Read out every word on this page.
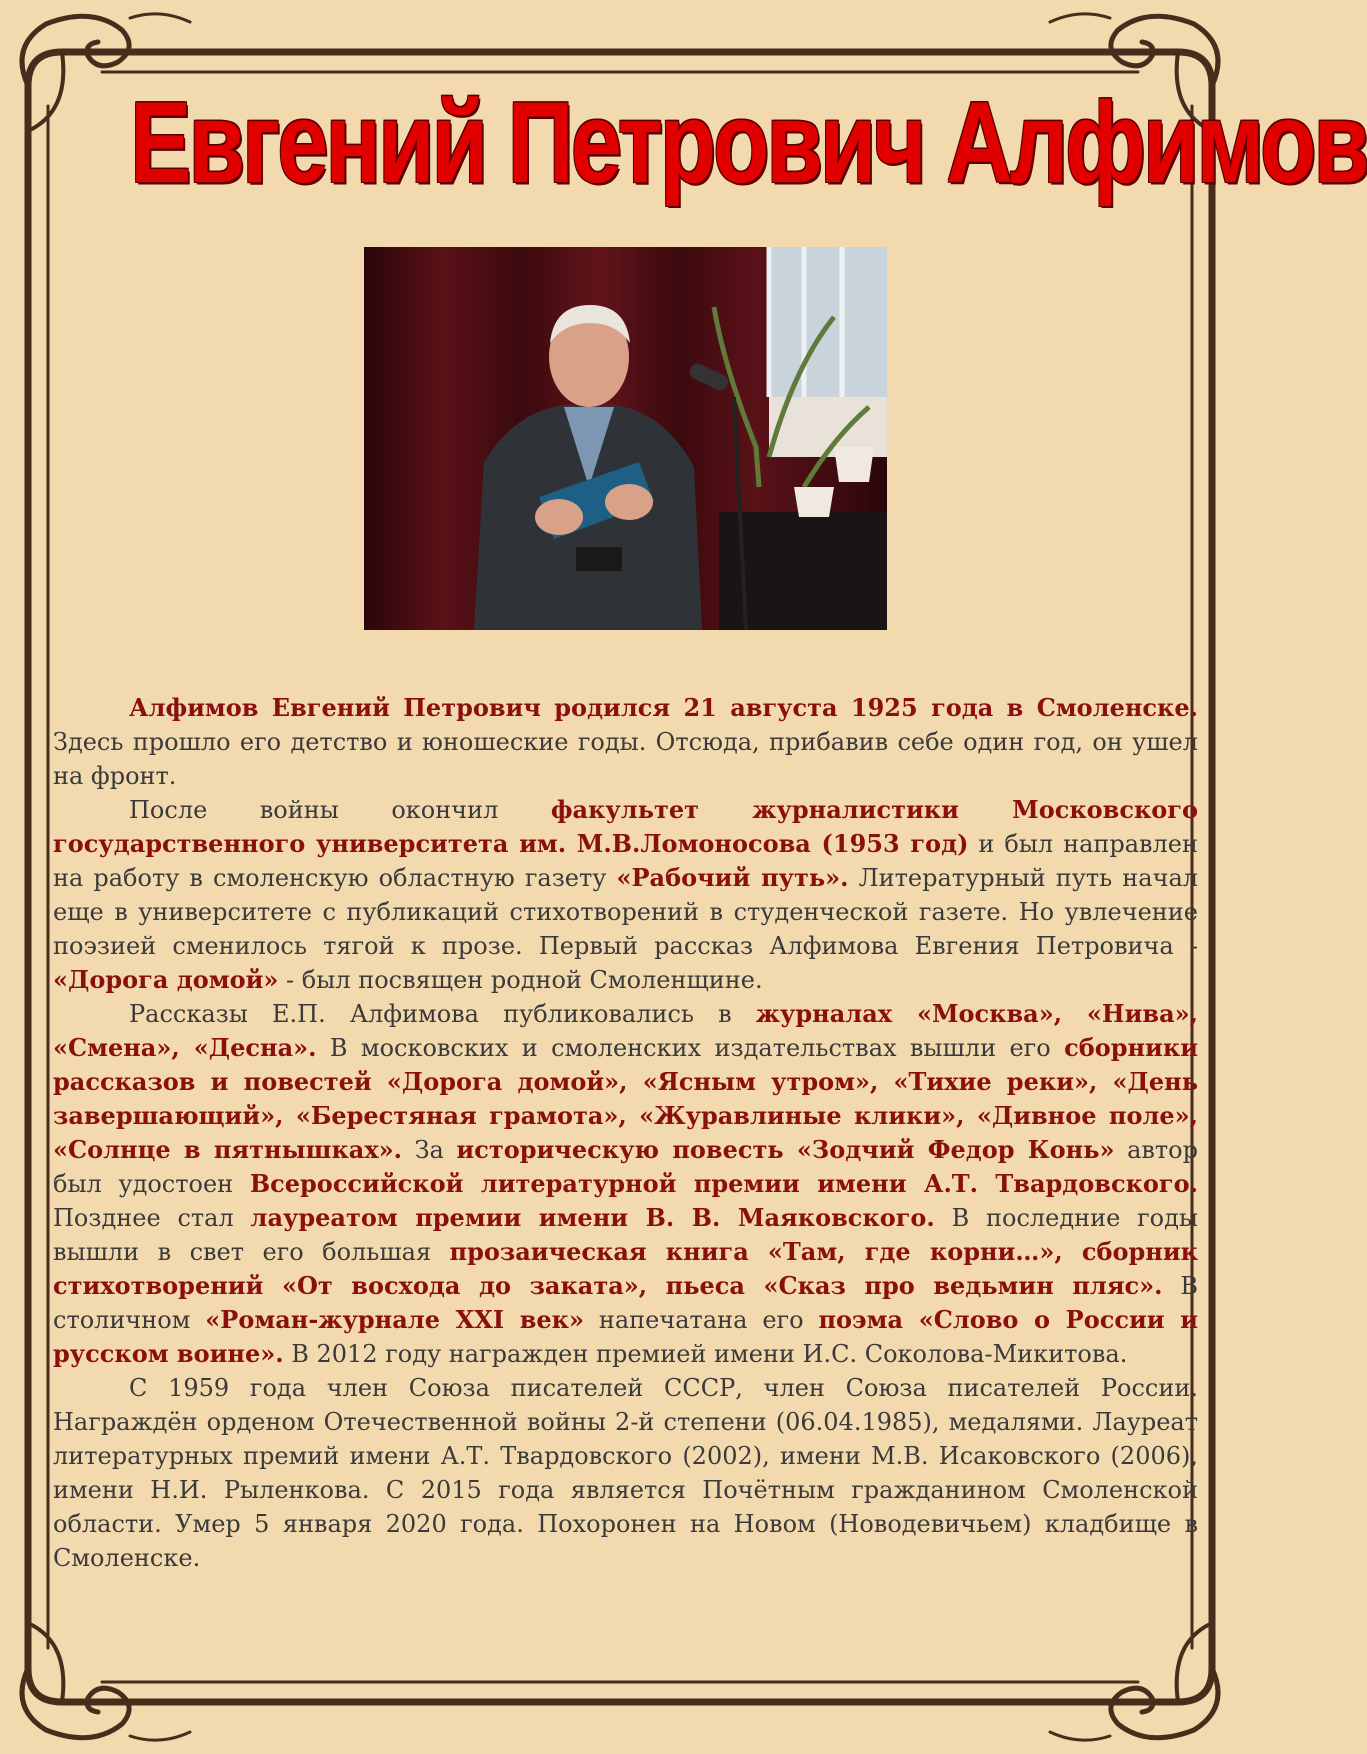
Евгений Петрович Алфимов

Алфимов Евгений Петрович родился 21 августа 1925 года в Смоленске. Здесь прошло его детство и юношеские годы. Отсюда, прибавив себе один год, он ушел на фронт.

После войны окончил факультет журналистики Московского государственного университета им. М.В.Ломоносова (1953 год) и был направлен на работу в смоленскую областную газету «Рабочий путь». Литературный путь начал еще в университете с публикаций стихотворений в студенческой газете. Но увлечение поэзией сменилось тягой к прозе. Первый рассказ Алфимова Евгения Петровича - «Дорога домой» - был посвящен родной Смоленщине.

Рассказы Е.П. Алфимова публиковались в журналах «Москва», «Нива», «Смена», «Десна». В московских и смоленских издательствах вышли его сборники рассказов и повестей «Дорога домой», «Ясным утром», «Тихие реки», «День завершающий», «Берестяная грамота», «Журавлиные клики», «Дивное поле», «Солнце в пятнышках». За историческую повесть «Зодчий Федор Конь» автор был удостоен Всероссийской литературной премии имени А.Т. Твардовского. Позднее стал лауреатом премии имени В. В. Маяковского. В последние годы вышли в свет его большая прозаическая книга «Там, где корни…», сборник стихотворений «От восхода до заката», пьеса «Сказ про ведьмин пляс». В столичном «Роман-журнале XXI век» напечатана его поэма «Слово о России и русском воине». В 2012 году награжден премией имени И.С. Соколова-Микитова.

С 1959 года член Союза писателей СССР, член Союза писателей России. Награждён орденом Отечественной войны 2-й степени (06.04.1985), медалями. Лауреат литературных премий имени А.Т. Твардовского (2002), имени М.В. Исаковского (2006), имени Н.И. Рыленкова. С 2015 года является Почётным гражданином Смоленской области. Умер 5 января 2020 года. Похоронен на Новом (Новодевичьем) кладбище в Смоленске.
